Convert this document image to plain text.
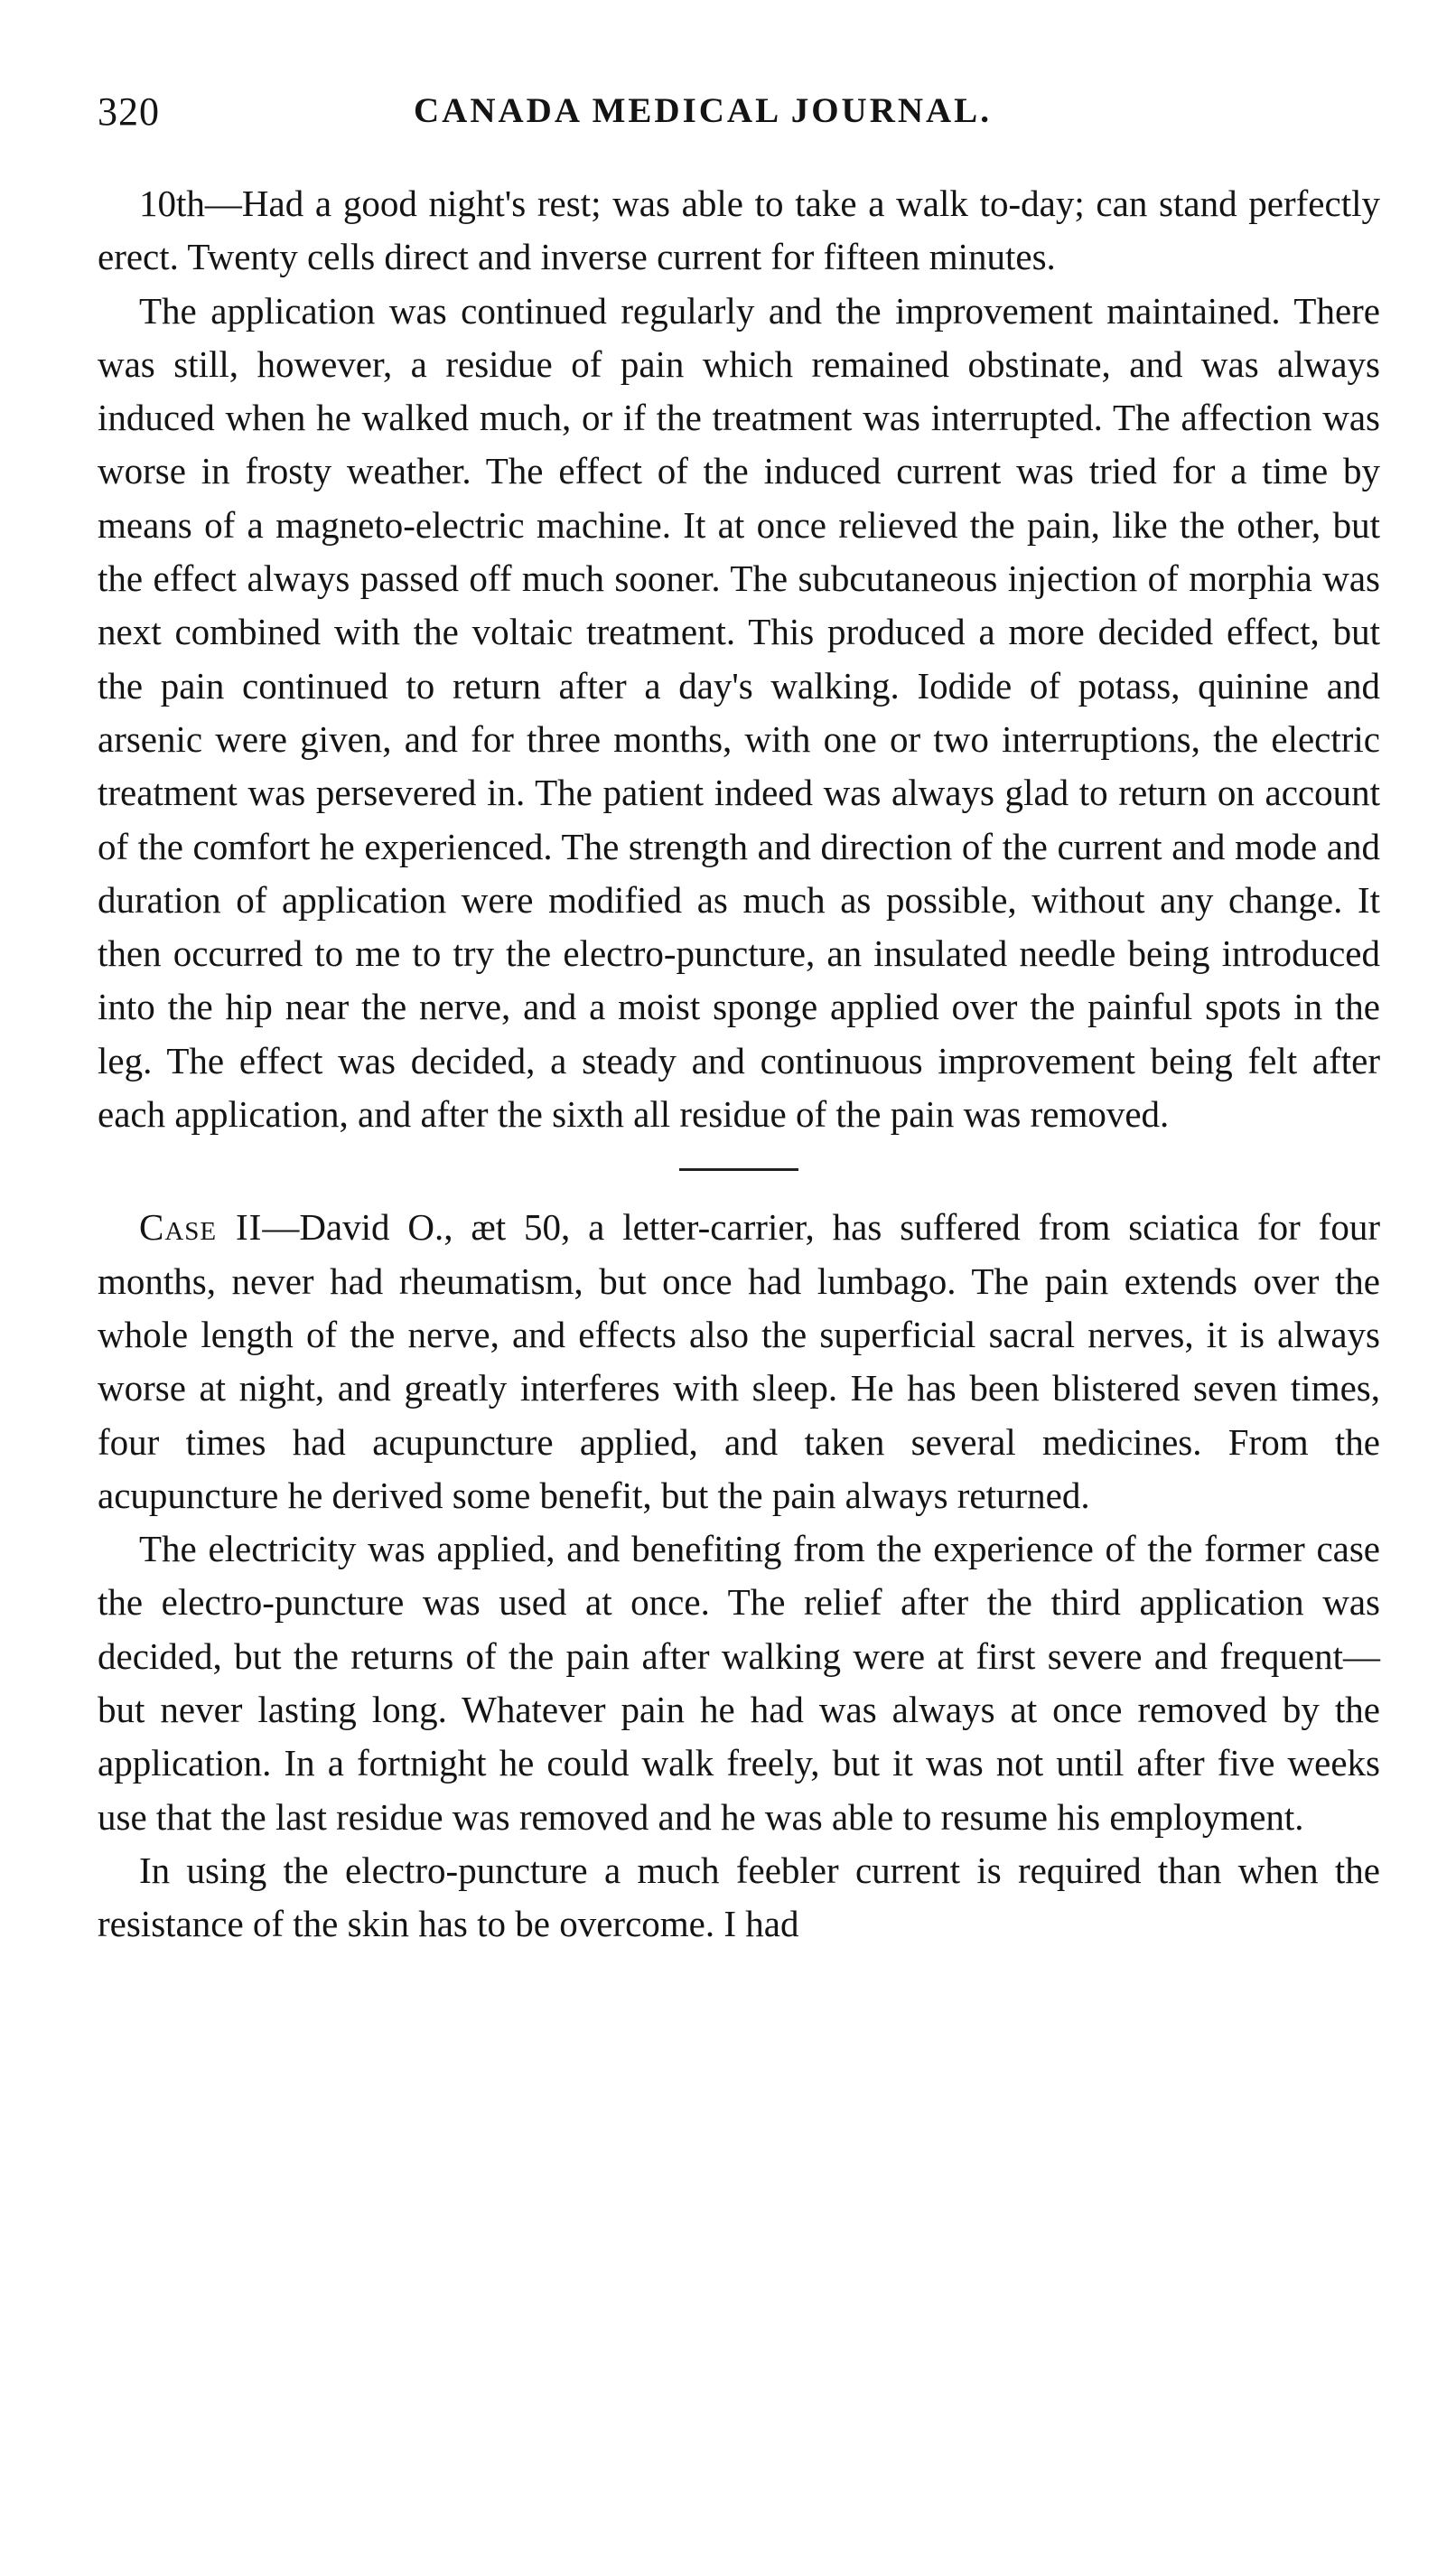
320	CANADA MEDICAL JOURNAL.

10th—Had a good night's rest; was able to take a walk to-day; can stand perfectly erect. Twenty cells direct and inverse current for fifteen minutes.

The application was continued regularly and the improvement maintained. There was still, however, a residue of pain which remained obstinate, and was always induced when he walked much, or if the treatment was interrupted. The affection was worse in frosty weather. The effect of the induced current was tried for a time by means of a magneto-electric machine. It at once relieved the pain, like the other, but the effect always passed off much sooner. The subcutaneous injection of morphia was next combined with the voltaic treatment. This produced a more decided effect, but the pain continued to return after a day's walking. Iodide of potass, quinine and arsenic were given, and for three months, with one or two interruptions, the electric treatment was persevered in. The patient indeed was always glad to return on account of the comfort he experienced. The strength and direction of the current and mode and duration of application were modified as much as possible, without any change. It then occurred to me to try the electro-puncture, an insulated needle being introduced into the hip near the nerve, and a moist sponge applied over the painful spots in the leg. The effect was decided, a steady and continuous improvement being felt after each application, and after the sixth all residue of the pain was removed.

Case II—David O., æt 50, a letter-carrier, has suffered from sciatica for four months, never had rheumatism, but once had lumbago. The pain extends over the whole length of the nerve, and effects also the superficial sacral nerves, it is always worse at night, and greatly interferes with sleep. He has been blistered seven times, four times had acupuncture applied, and taken several medicines. From the acupuncture he derived some benefit, but the pain always returned.

The electricity was applied, and benefiting from the experience of the former case the electro-puncture was used at once. The relief after the third application was decided, but the returns of the pain after walking were at first severe and frequent—but never lasting long. Whatever pain he had was always at once removed by the application. In a fortnight he could walk freely, but it was not until after five weeks use that the last residue was removed and he was able to resume his employment.

In using the electro-puncture a much feebler current is required than when the resistance of the skin has to be overcome. I had
